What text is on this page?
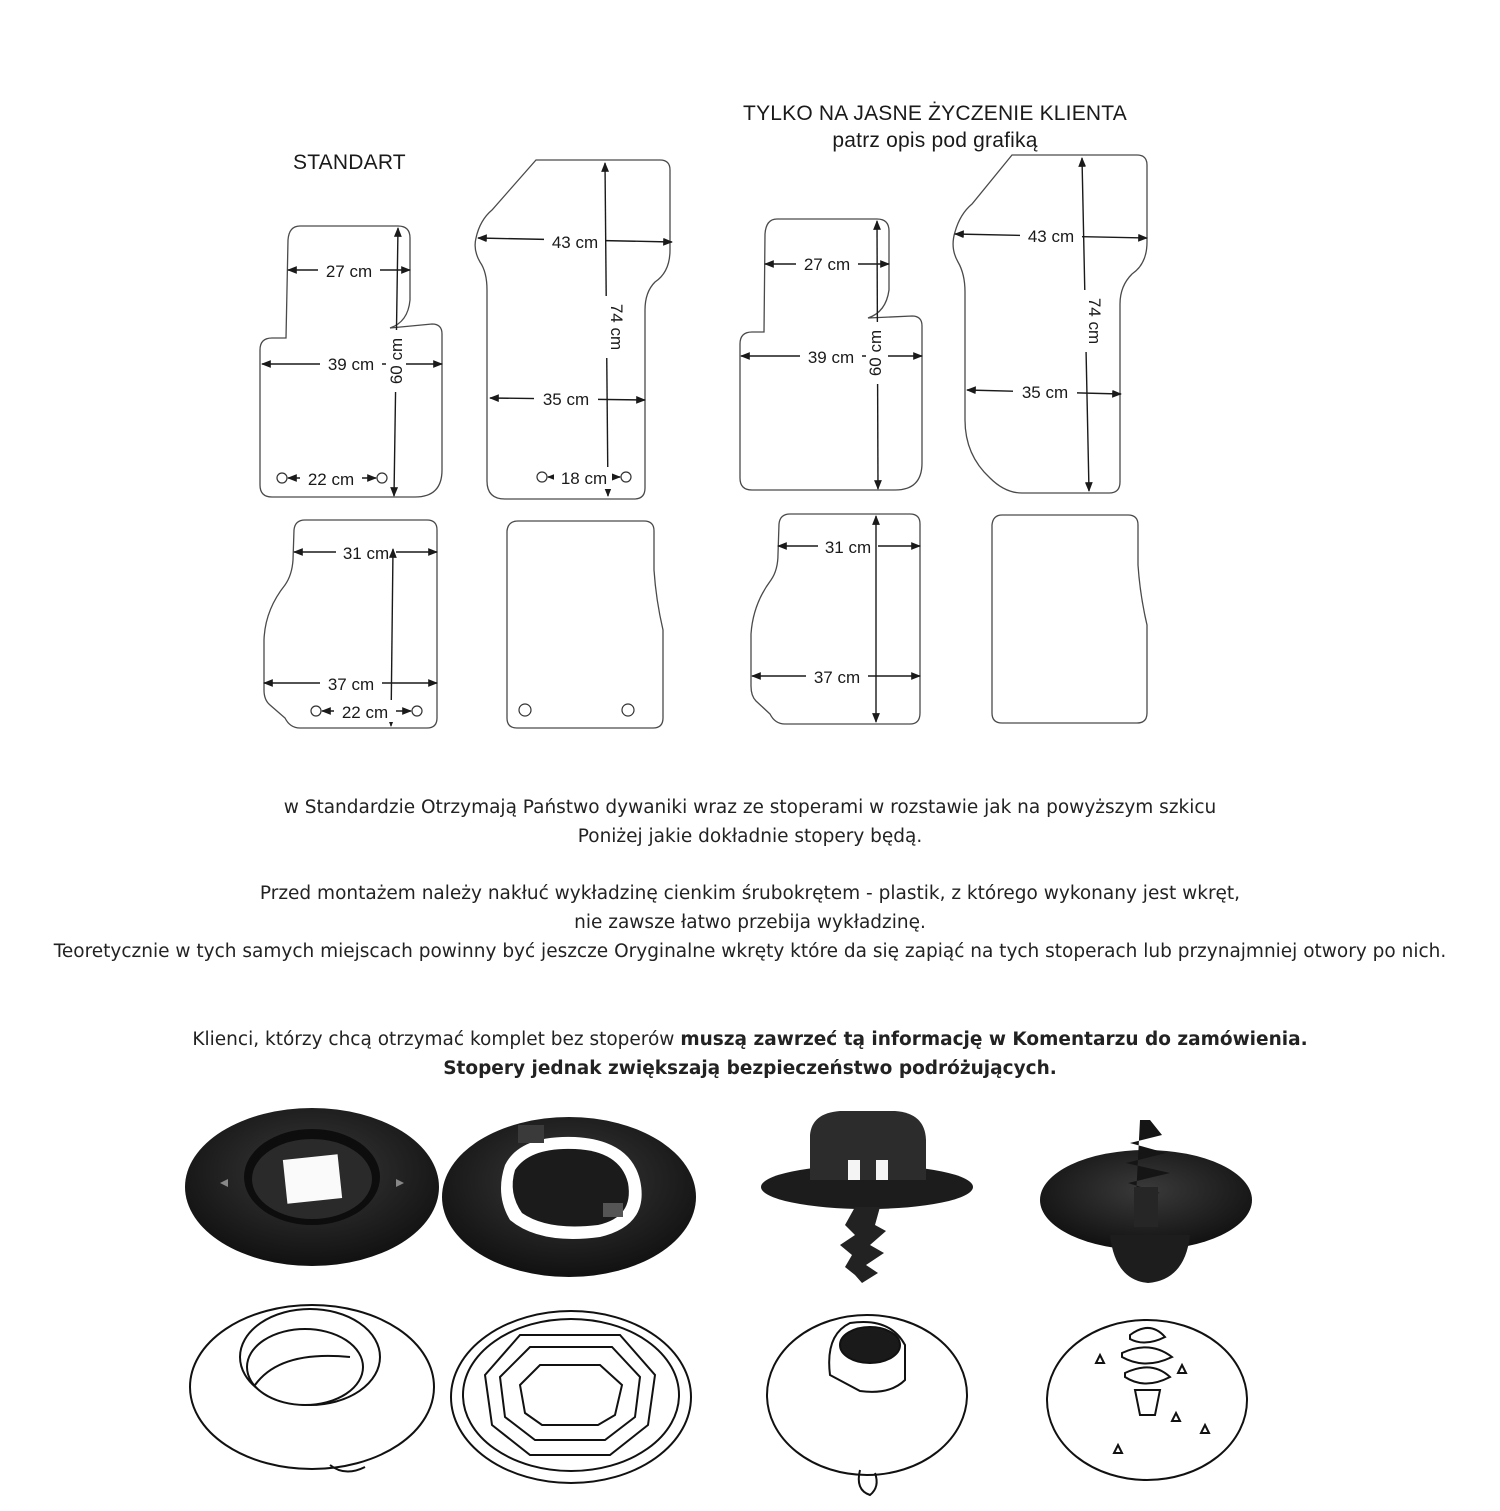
STANDART
TYLKO NA JASNE ŻYCZENIE KLIENTA
patrz opis pod grafiką
27 cm
39 cm 60 cm
22 cm
43 cm
74 cm
35 cm
18 cm
31 cm
37 cm
22 cm
27 cm
39 cm 60 cm
43 cm
74 cm
35 cm
31 cm
37 cm

w Standardzie Otrzymają Państwo dywaniki wraz ze stoperami w rozstawie jak na powyższym szkicu

Poniżej jakie dokładnie stopery będą.

Przed montażem należy nakłuć wykładzinę cienkim śrubokrętem - plastik, z którego wykonany jest wkręt,

nie zawsze łatwo przebija wykładzinę.

Teoretycznie w tych samych miejscach powinny być jeszcze Oryginalne wkręty które da się zapiąć na tych stoperach lub przynajmniej otwory po nich.

Klienci, którzy chcą otrzymać komplet bez stoperów muszą zawrzeć tą informację w Komentarzu do zamówienia.

Stopery jednak zwiększają bezpieczeństwo podróżujących.
